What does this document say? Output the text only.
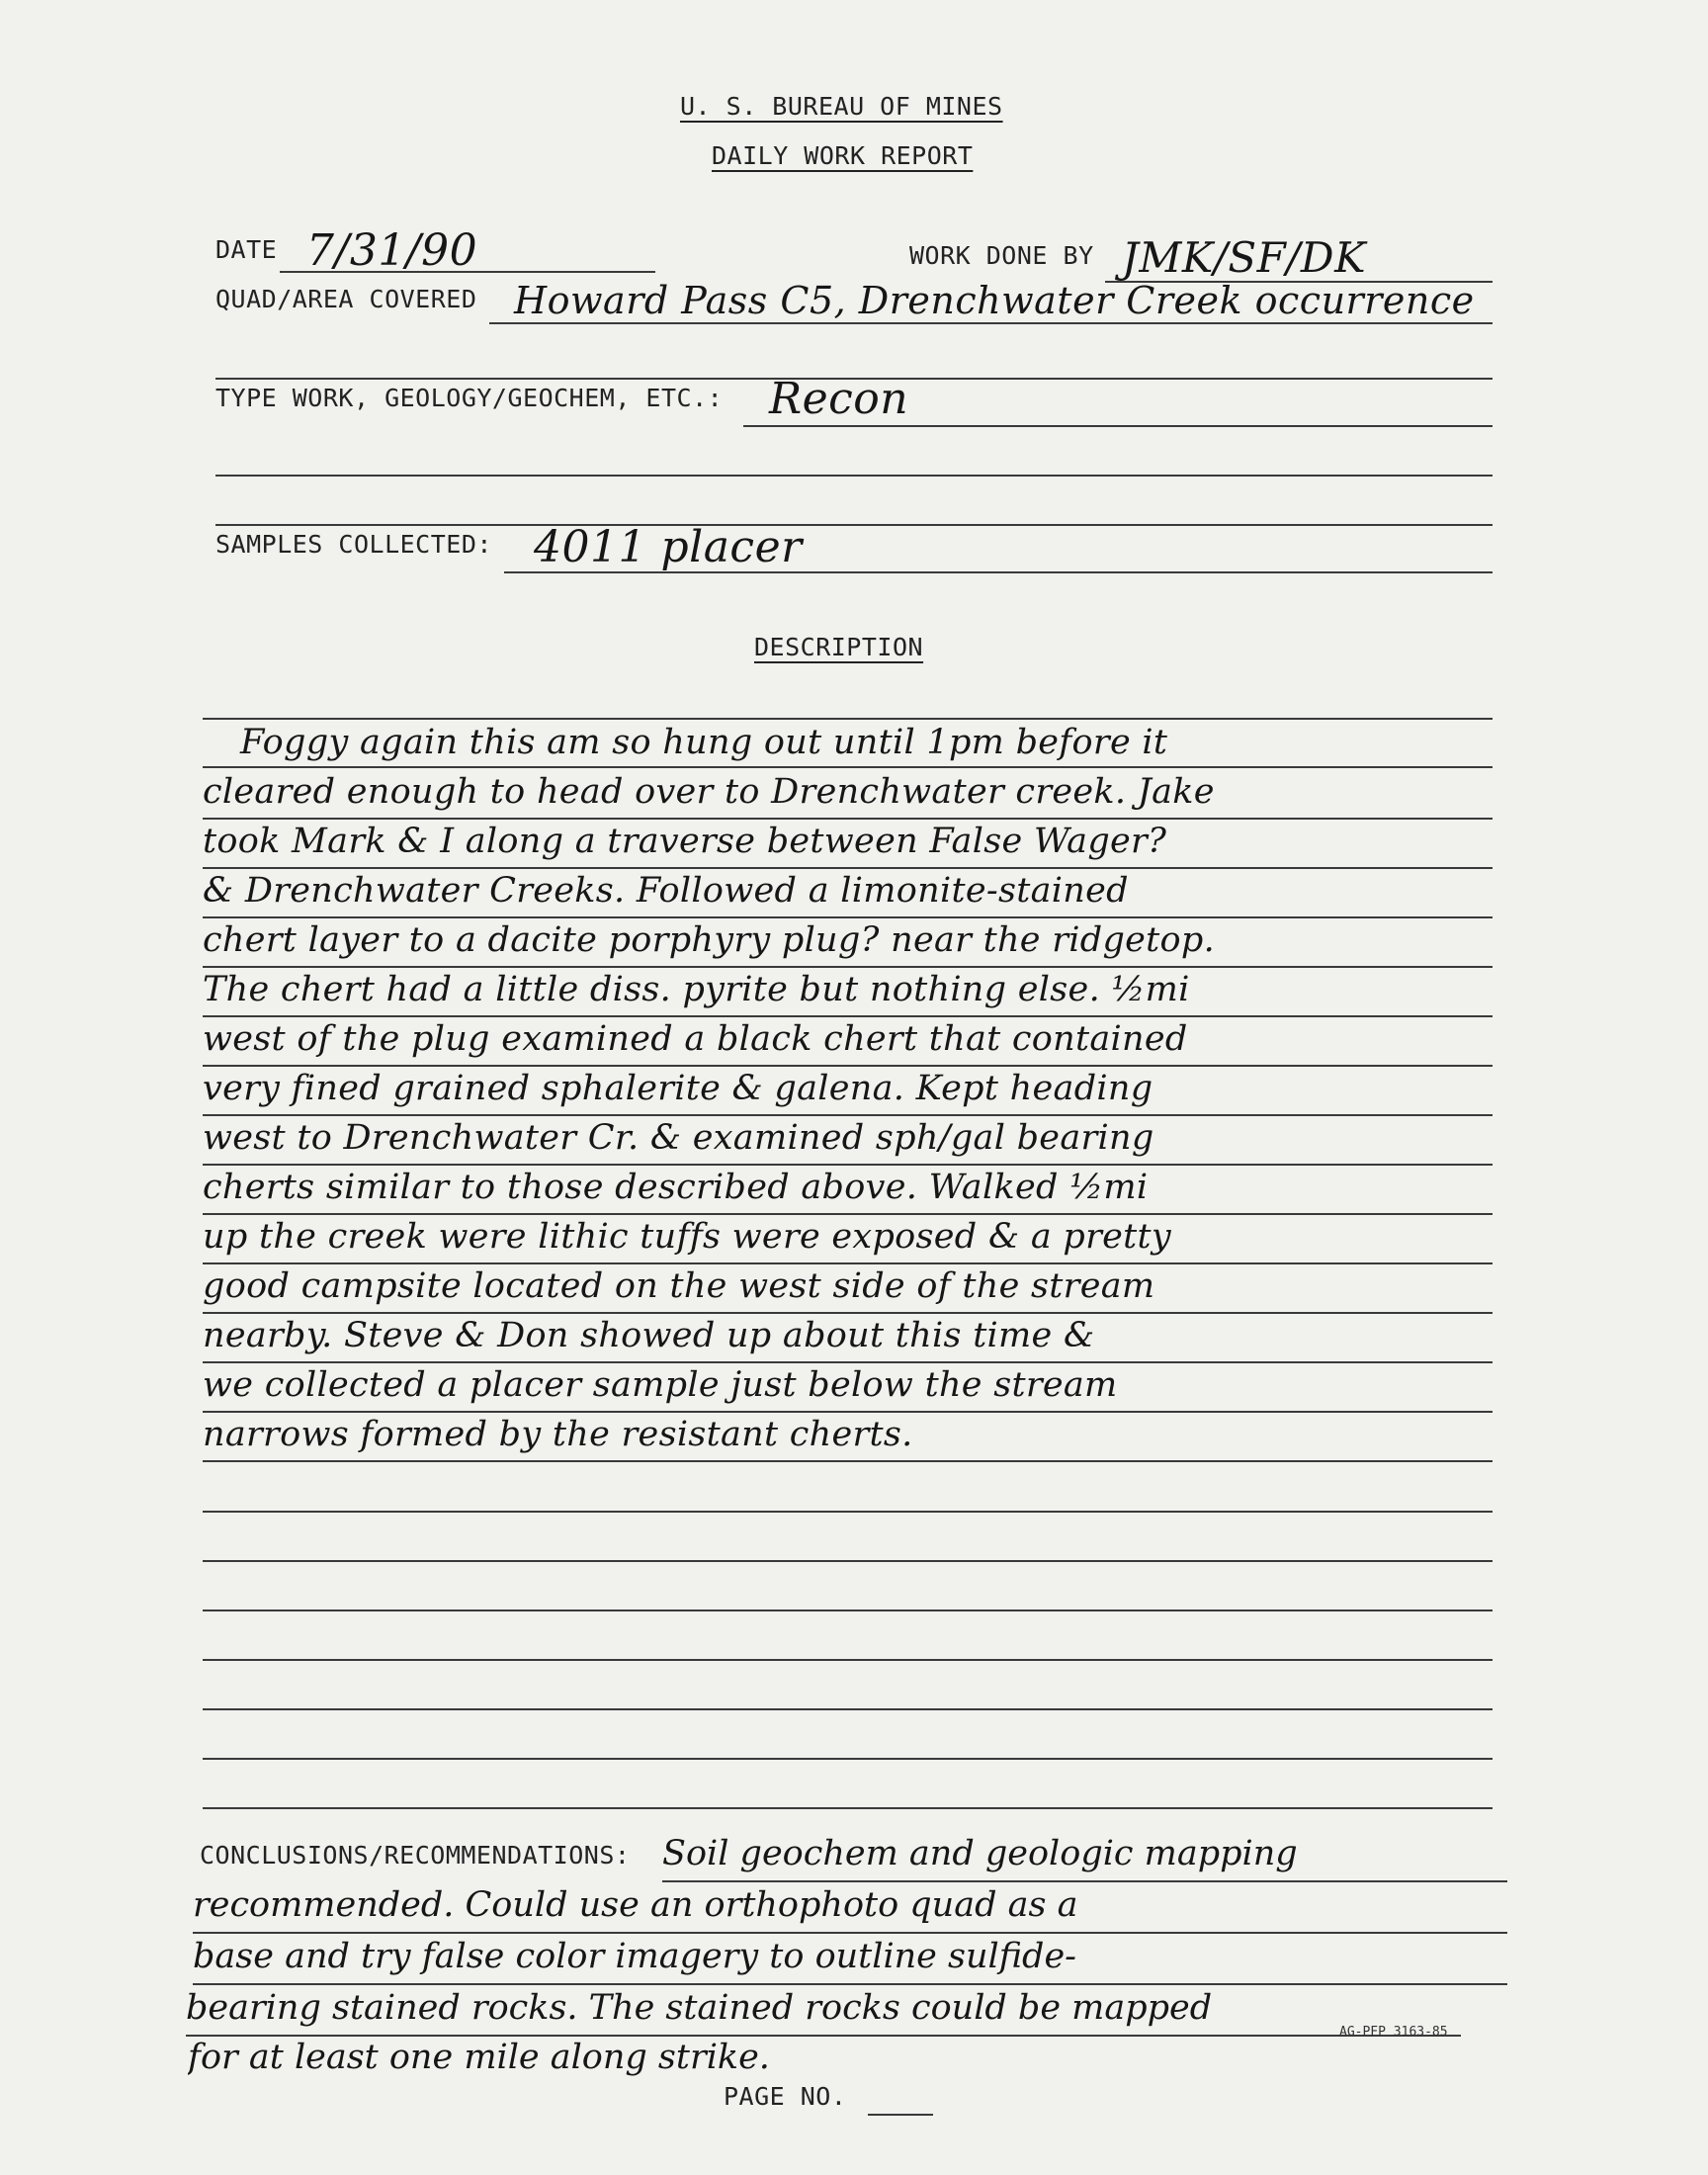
U. S. BUREAU OF MINES
DAILY WORK REPORT
DATE 7/31/90	WORK DONE BY JMK/SF/DK
QUAD/AREA COVERED Howard Pass C5, Drenchwater Creek occurrence
TYPE WORK, GEOLOGY/GEOCHEM, ETC.: Recon
SAMPLES COLLECTED: 4011 placer
DESCRIPTION
Foggy again this am so hung out until 1pm before it
cleared enough to head over to Drenchwater creek. Jake
took Mark & I along a traverse between False Wager?
& Drenchwater Creeks. Followed a limonite-stained
chert layer to a dacite porphyry plug? near the ridgetop.
The chert had a little diss. pyrite but nothing else. ½mi
west of the plug examined a black chert that contained
very fined grained sphalerite & galena. Kept heading
west to Drenchwater Cr. & examined sph/gal bearing
cherts similar to those described above. Walked ½mi
up the creek were lithic tuffs were exposed & a pretty
good campsite located on the west side of the stream
nearby. Steve & Don showed up about this time &
we collected a placer sample just below the stream
narrows formed by the resistant cherts.
CONCLUSIONS/RECOMMENDATIONS: Soil geochem and geologic mapping
recommended. Could use an orthophoto quad as a
base and try false color imagery to outline sulfide-
bearing stained rocks. The stained rocks could be mapped
for at least one mile along strike.
AG-PFP 3163-85
PAGE NO.
